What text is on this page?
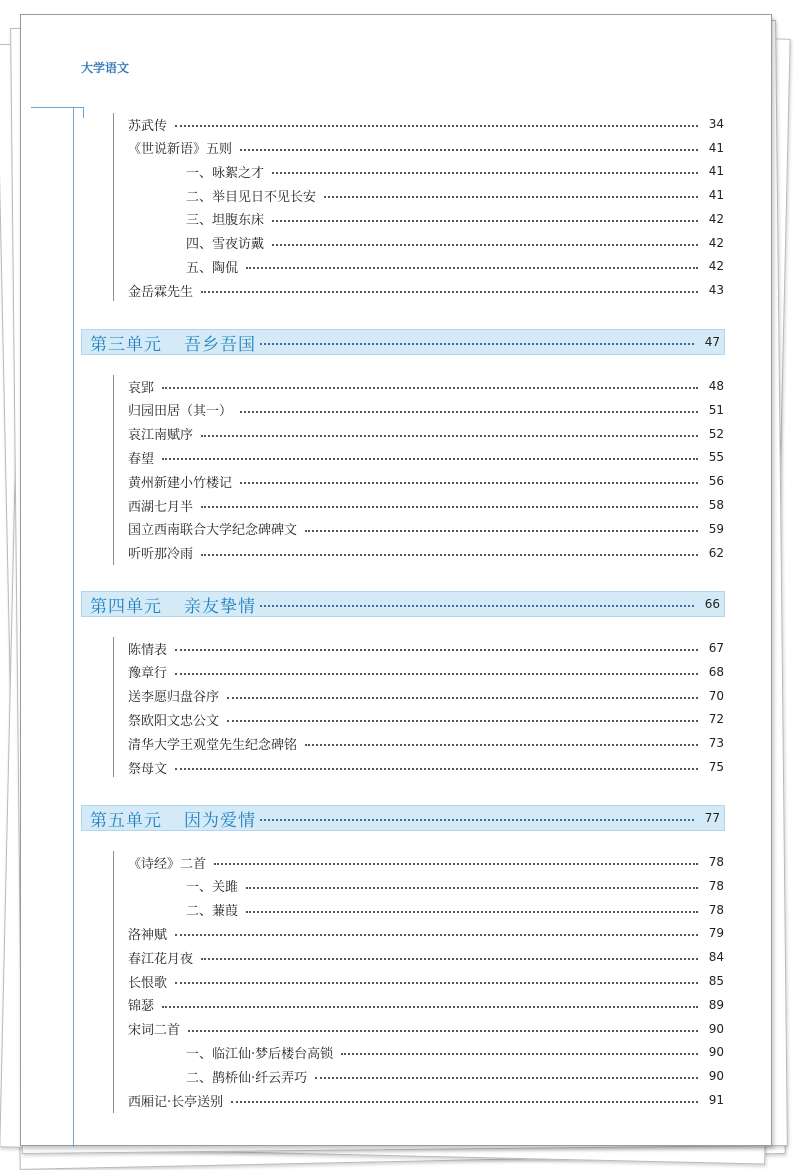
大学语文
苏武传	34
《世说新语》五则	41
一、咏絮之才	41
二、举目见日不见长安	41
三、坦腹东床	42
四、雪夜访戴	42
五、陶侃	42
金岳霖先生	43
第三单元 吾乡吾国	47
哀郢	48
归园田居（其一）	51
哀江南赋序	52
春望	55
黄州新建小竹楼记	56
西湖七月半	58
国立西南联合大学纪念碑碑文	59
听听那冷雨	62
第四单元 亲友挚情	66
陈情表	67
豫章行	68
送李愿归盘谷序	70
祭欧阳文忠公文	72
清华大学王观堂先生纪念碑铭	73
祭母文	75
第五单元 因为爱情	77
《诗经》二首	78
一、关雎	78
二、蒹葭	78
洛神赋	79
春江花月夜	84
长恨歌	85
锦瑟	89
宋词二首	90
一、临江仙·梦后楼台高锁	90
二、鹊桥仙·纤云弄巧	90
西厢记·长亭送别	91
